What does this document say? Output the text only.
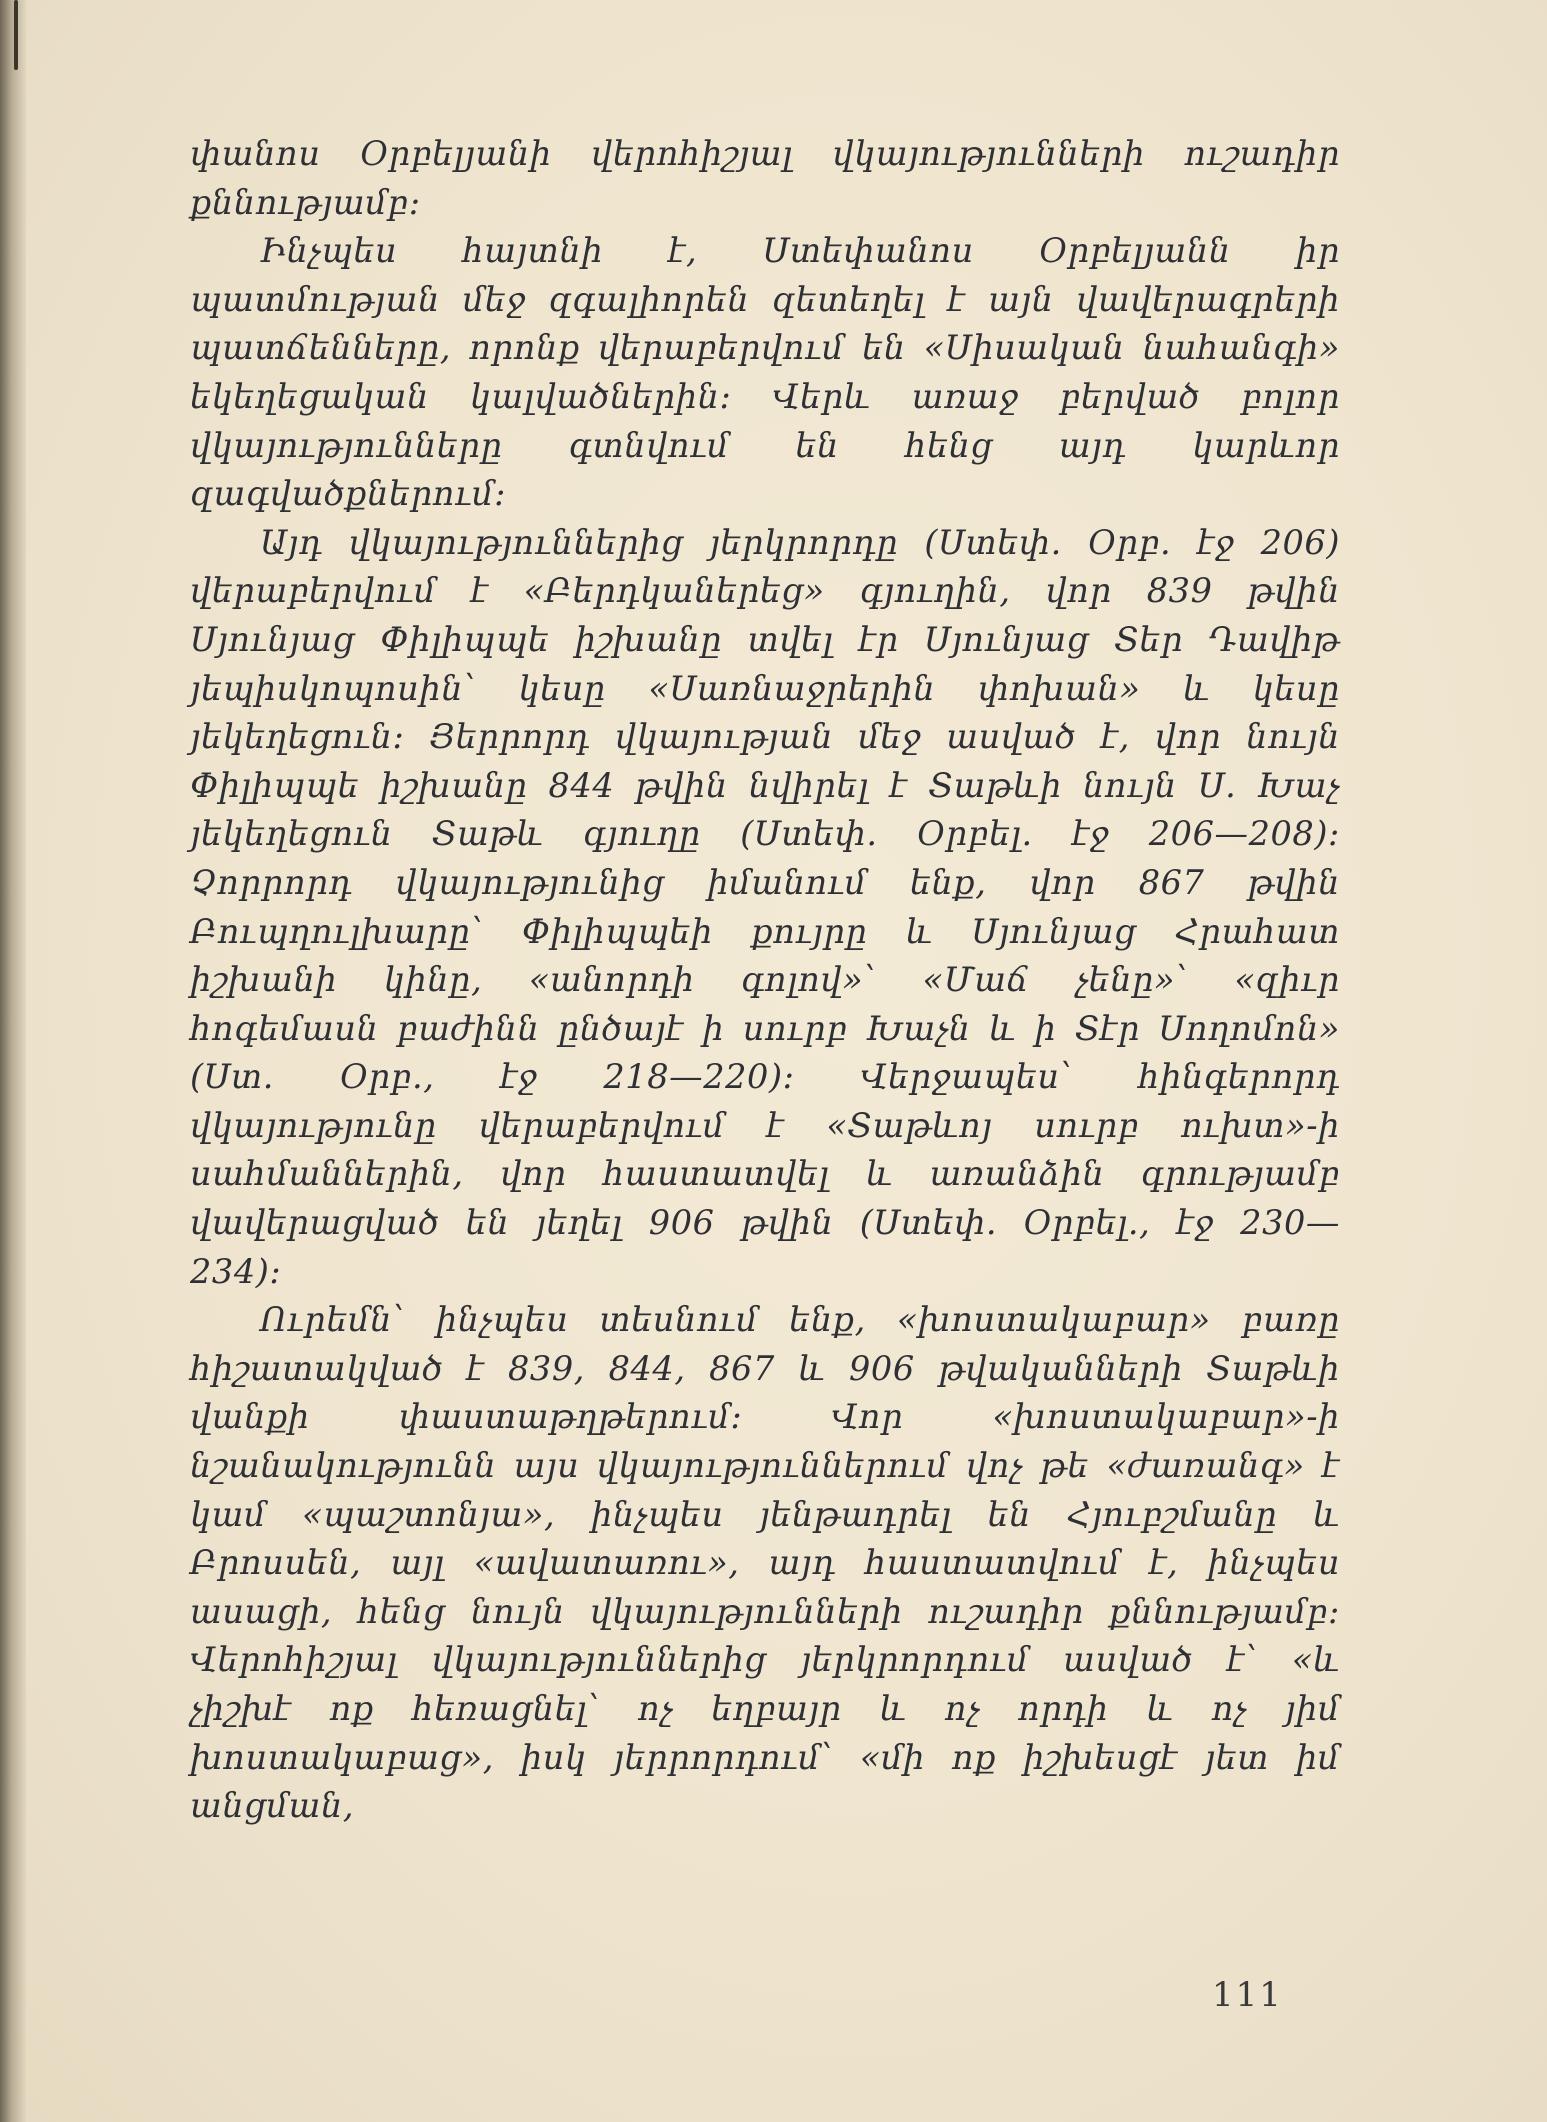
փանոս Օրբելյանի վերոհիշյալ վկայությունների ուշադիր քննությամբ։

Ինչպես հայտնի է, Ստեփանոս Օրբելյանն իր պատմության մեջ զգալիորեն զետեղել է այն վավերագրերի պատճենները, որոնք վերաբերվում են «Սիսական նահանգի» եկեղեցական կալվածներին։ Վերև առաջ բերված բոլոր վկայությունները գտնվում են հենց այդ կարևոր զագվածքներում։

Այդ վկայություններից յերկրորդը (Ստեփ. Օրբ. էջ 206) վերաբերվում է «Բերդկաներեց» գյուղին, վոր 839 թվին Սյունյաց Փիլիպպե իշխանը տվել էր Սյունյաց Տեր Դավիթ յեպիսկոպոսին՝ կեսը «Սառնաջրերին փոխան» և կեսը յեկեղեցուն։ Յերրորդ վկայության մեջ ասված է, վոր նույն Փիլիպպե իշխանը 844 թվին նվիրել է Տաթևի նույն Ս. Խաչ յեկեղեցուն Տաթև գյուղը (Ստեփ. Օրբել. էջ 206—208)։ Չորրորդ վկայությունից իմանում ենք, վոր 867 թվին Բուպղուլխարը՝ Փիլիպպեի քույրը և Սյունյաց Հրահատ իշխանի կինը, «անորդի գոլով»՝ «Մաճ չենը»՝ «զիւր հոգեմասն բաժինն ընծայէ ի սուրբ Խաչն և ի Տէր Սողոմոն» (Ստ. Օրբ., էջ 218—220)։ Վերջապես՝ հինգերորդ վկայությունը վերաբերվում է «Տաթևոյ սուրբ ուխտ»-ի սահմաններին, վոր հաստատվել և առանձին գրությամբ վավերացված են յեղել 906 թվին (Ստեփ. Օրբել., էջ 230—234)։

Ուրեմն՝ ինչպես տեսնում ենք, «խոստակաբար» բառը հիշատակված է 839, 844, 867 և 906 թվականների Տաթևի վանքի փաստաթղթերում։ Վոր «խոստակաբար»-ի նշանակությունն այս վկայություններում վոչ թե «ժառանգ» է կամ «պաշտոնյա», ինչպես յենթադրել են Հյուբշմանը և Բրոսսեն, այլ «ավատառու», այդ հաստատվում է, ինչպես ասացի, հենց նույն վկայությունների ուշադիր քննությամբ։ Վերոհիշյալ վկայություններից յերկրորդում ասված է՝ «և չիշխէ ոք հեռացնել՝ ոչ եղբայր և ոչ որդի և ոչ յիմ խոստակաբաց», իսկ յերրորդում՝ «մի ոք իշխեսցէ յետ իմ անցման,

111
